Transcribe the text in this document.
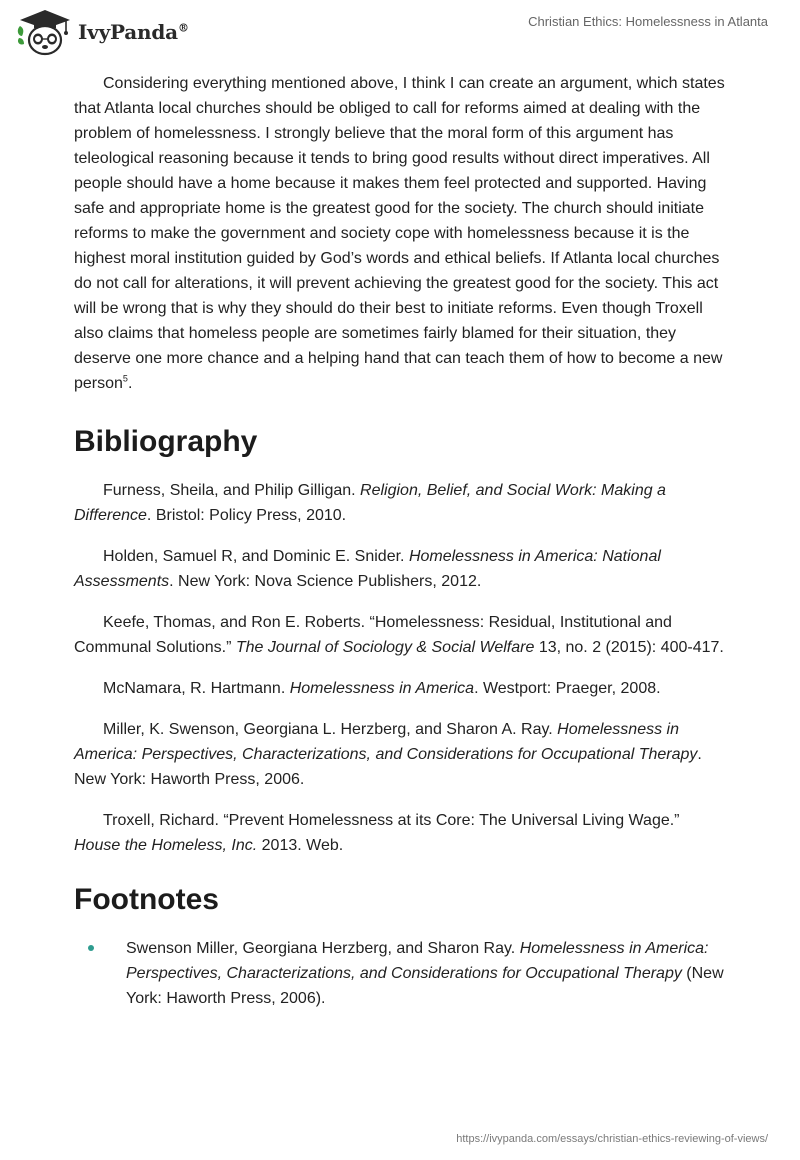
IvyPanda®	Christian Ethics: Homelessness in Atlanta

Considering everything mentioned above, I think I can create an argument, which states that Atlanta local churches should be obliged to call for reforms aimed at dealing with the problem of homelessness. I strongly believe that the moral form of this argument has teleological reasoning because it tends to bring good results without direct imperatives. All people should have a home because it makes them feel protected and supported. Having safe and appropriate home is the greatest good for the society. The church should initiate reforms to make the government and society cope with homelessness because it is the highest moral institution guided by God’s words and ethical beliefs. If Atlanta local churches do not call for alterations, it will prevent achieving the greatest good for the society. This act will be wrong that is why they should do their best to initiate reforms. Even though Troxell also claims that homeless people are sometimes fairly blamed for their situation, they deserve one more chance and a helping hand that can teach them of how to become a new person$^5$.

Bibliography

Furness, Sheila, and Philip Gilligan. Religion, Belief, and Social Work: Making a Difference. Bristol: Policy Press, 2010.

Holden, Samuel R, and Dominic E. Snider. Homelessness in America: National Assessments. New York: Nova Science Publishers, 2012.

Keefe, Thomas, and Ron E. Roberts. “Homelessness: Residual, Institutional and Communal Solutions.” The Journal of Sociology & Social Welfare 13, no. 2 (2015): 400-417.

McNamara, R. Hartmann. Homelessness in America. Westport: Praeger, 2008.

Miller, K. Swenson, Georgiana L. Herzberg, and Sharon A. Ray. Homelessness in America: Perspectives, Characterizations, and Considerations for Occupational Therapy. New York: Haworth Press, 2006.

Troxell, Richard. “Prevent Homelessness at its Core: The Universal Living Wage.” House the Homeless, Inc. 2013. Web.

Footnotes
Swenson Miller, Georgiana Herzberg, and Sharon Ray. Homelessness in America: Perspectives, Characterizations, and Considerations for Occupational Therapy (New York: Haworth Press, 2006).
https://ivypanda.com/essays/christian-ethics-reviewing-of-views/
